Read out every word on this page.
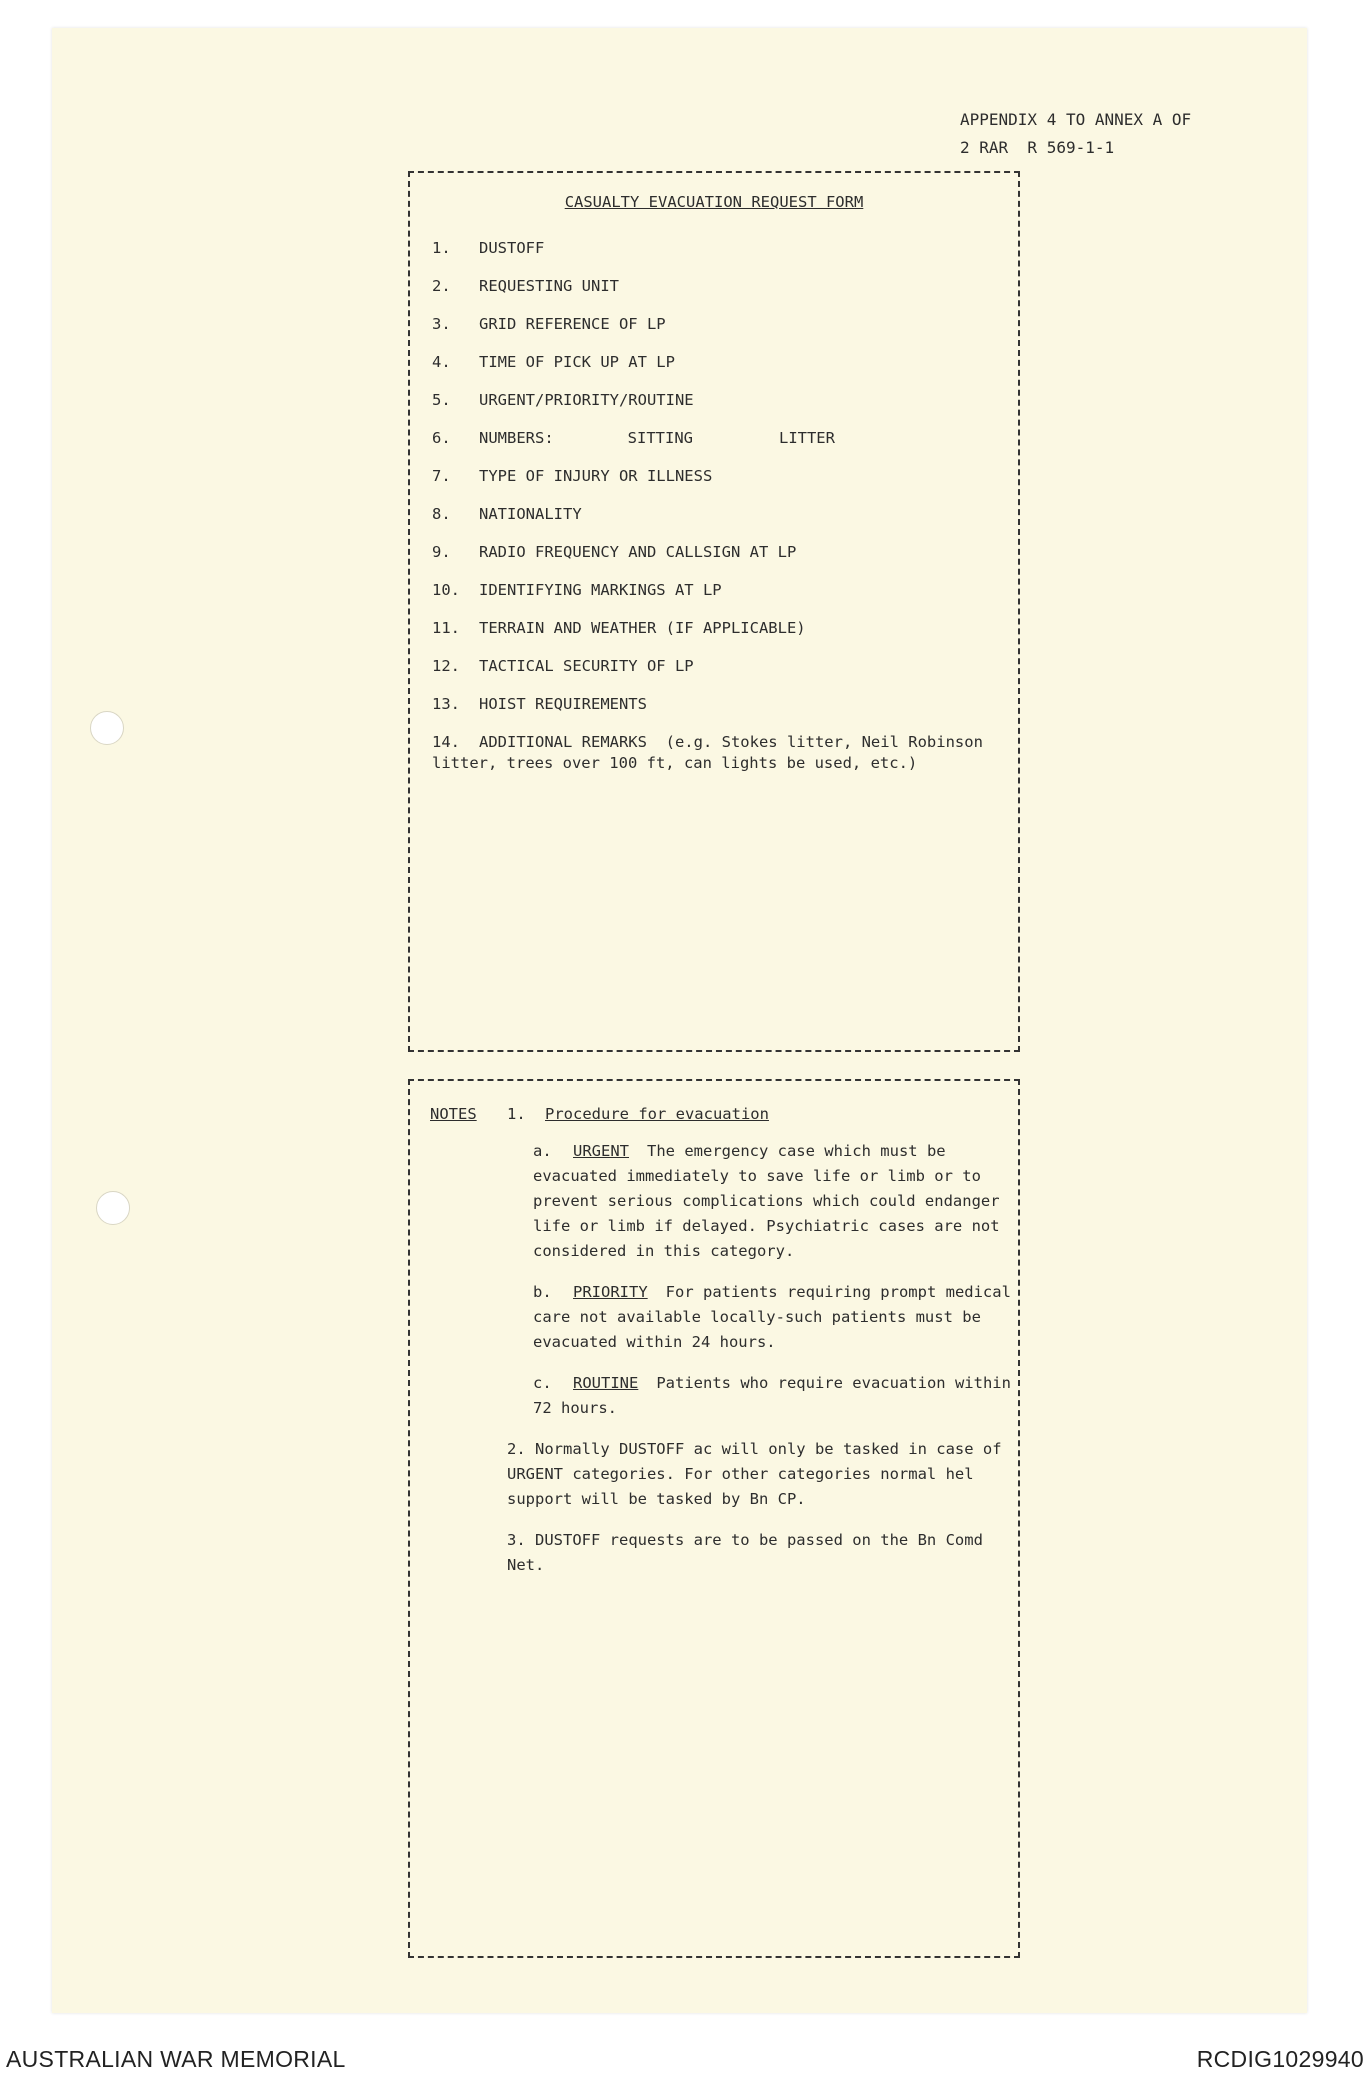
APPENDIX 4 TO ANNEX A OF
2 RAR  R 569-1-1
CASUALTY EVACUATION REQUEST FORM
1.	DUSTOFF
2.	REQUESTING UNIT
3.	GRID REFERENCE OF LP
4.	TIME OF PICK UP AT LP
5.	URGENT/PRIORITY/ROUTINE
6.	NUMBERS:	SITTING	LITTER
7.	TYPE OF INJURY OR ILLNESS
8.	NATIONALITY
9.	RADIO FREQUENCY AND CALLSIGN AT LP
10.	IDENTIFYING MARKINGS AT LP
11.	TERRAIN AND WEATHER (IF APPLICABLE)
12.	TACTICAL SECURITY OF LP
13.	HOIST REQUIREMENTS
14.	ADDITIONAL REMARKS  (e.g. Stokes litter, Neil Robinson
litter, trees over 100 ft, can lights be used, etc.)
NOTES	1.	Procedure for evacuation
a. URGENT The emergency case which must be evacuated immediately to save life or limb or to prevent serious complications which could endanger life or limb if delayed. Psychiatric cases are not considered in this category.
b. PRIORITY For patients requiring prompt medical care not available locally-such patients must be evacuated within 24 hours.
c. ROUTINE Patients who require evacuation within 72 hours.
2. Normally DUSTOFF ac will only be tasked in case of URGENT categories. For other categories normal hel support will be tasked by Bn CP.
3. DUSTOFF requests are to be passed on the Bn Comd Net.
AUSTRALIAN WAR MEMORIAL	RCDIG1029940
